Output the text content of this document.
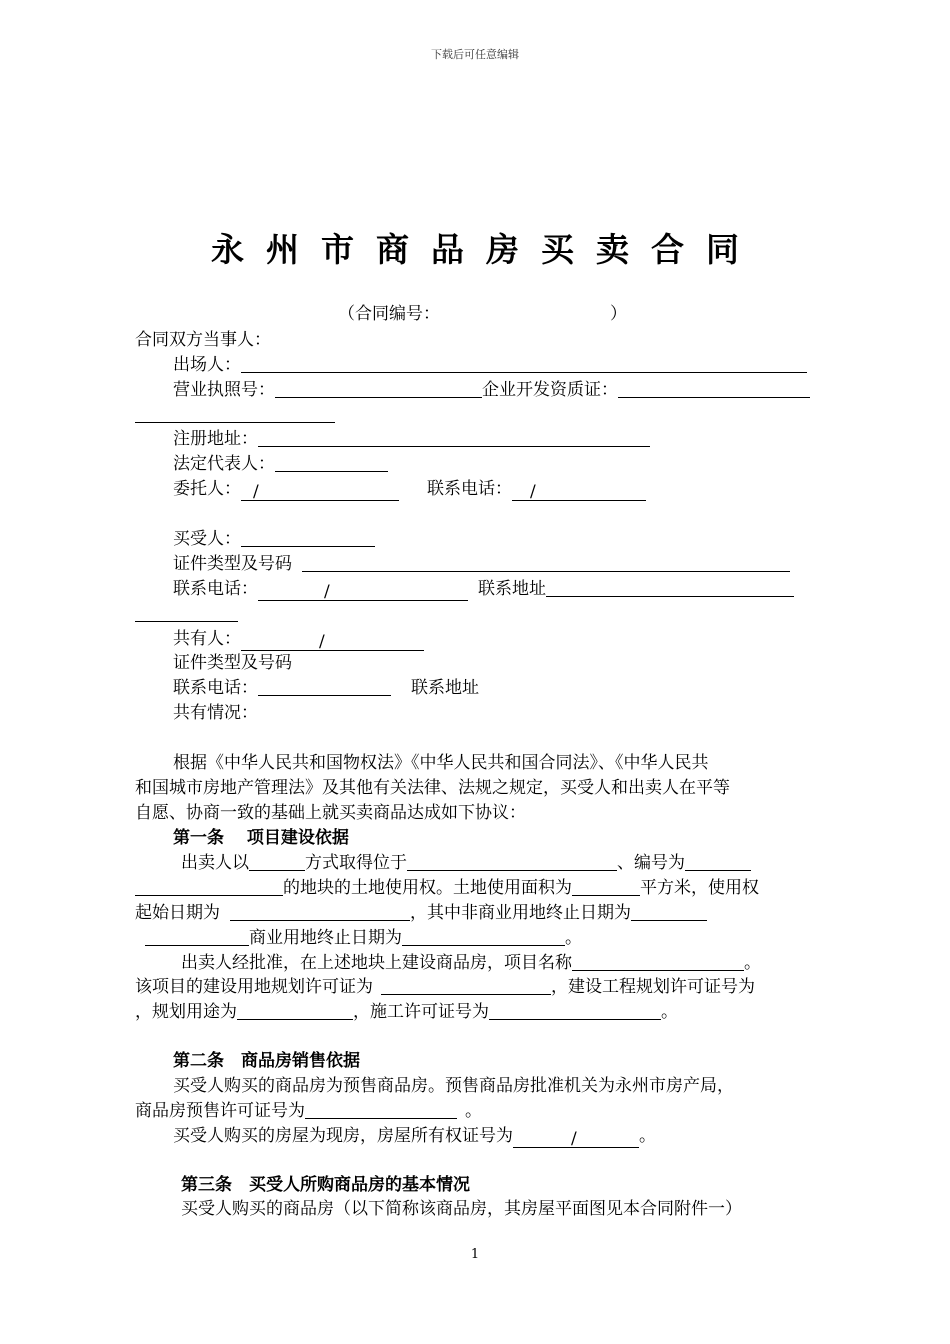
下载后可任意编辑
永州市商品房买卖合同
（合同编号：	）
合同双方当事人：
出场人：
营业执照号：	企业开发资质证：
注册地址：
法定代表人：
委托人： /	联系电话： /
买受人：
证件类型及号码
联系电话：	/	联系地址
共有人：	/
证件类型及号码
联系电话：	联系地址
共有情况：
根据《中华人民共和国物权法》《中华人民共和国合同法》、《中华人民共
和国城市房地产管理法》及其他有关法律、法规之规定，买受人和出卖人在平等
自愿、协商一致的基础上就买卖商品达成如下协议：
第一条　 项目建设依据
出卖人以	方式取得位于	、编号为
的地块的土地使用权。土地使用面积为	平方米，使用权
起始日期为	，其中非商业用地终止日期为
商业用地终止日期为	。
出卖人经批准，在上述地块上建设商品房，项目名称	。
该项目的建设用地规划许可证为	，建设工程规划许可证号为
，规划用途为	，施工许可证号为	。
第二条　商品房销售依据
买受人购买的商品房为预售商品房。预售商品房批准机关为永州市房产局，
商品房预售许可证号为	。
买受人购买的房屋为现房，房屋所有权证号为	/	。
第三条　买受人所购商品房的基本情况
买受人购买的商品房（以下简称该商品房，其房屋平面图见本合同附件一）
1
